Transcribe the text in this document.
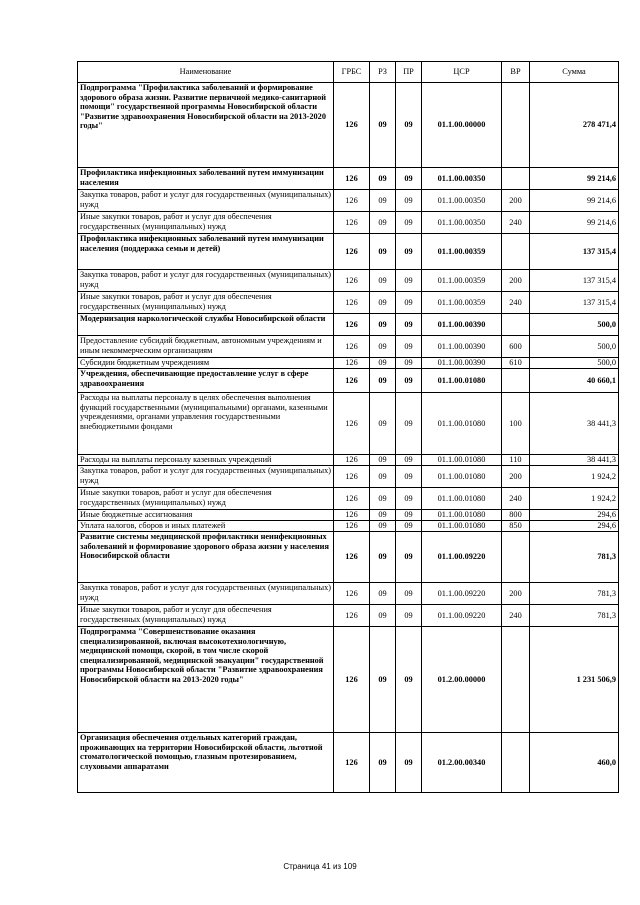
Наименование	ГРБС	РЗ	ПР	ЦСР	ВР	Сумма
Подпрограмма "Профилактика заболеваний и формирование здорового образа жизни. Развитие первичной медико-санитарной помощи" государственной программы Новосибирской области "Развитие здравоохранения Новосибирской области на 2013-2020 годы"	126	09	09	01.1.00.00000		278 471,4
Профилактика инфекционных заболеваний путем иммунизации населения	126	09	09	01.1.00.00350		99 214,6
Закупка товаров, работ и услуг для государственных (муниципальных) нужд	126	09	09	01.1.00.00350	200	99 214,6
Иные закупки товаров, работ и услуг для обеспечения государственных (муниципальных) нужд	126	09	09	01.1.00.00350	240	99 214,6
Профилактика инфекционных заболеваний путем иммунизации населения (поддержка семьи и детей)	126	09	09	01.1.00.00359		137 315,4
Закупка товаров, работ и услуг для государственных (муниципальных) нужд	126	09	09	01.1.00.00359	200	137 315,4
Иные закупки товаров, работ и услуг для обеспечения государственных (муниципальных) нужд	126	09	09	01.1.00.00359	240	137 315,4
Модернизация наркологической службы Новосибирской области	126	09	09	01.1.00.00390		500,0
Предоставление субсидий бюджетным, автономным учреждениям и иным некоммерческим организациям	126	09	09	01.1.00.00390	600	500,0
Субсидии бюджетным учреждениям	126	09	09	01.1.00.00390	610	500,0
Учреждения, обеспечивающие предоставление услуг в сфере здравоохранения	126	09	09	01.1.00.01080		40 660,1
Расходы на выплаты персоналу в целях обеспечения выполнения функций государственными (муниципальными) органами, казенными учреждениями, органами управления государственными внебюджетными фондами	126	09	09	01.1.00.01080	100	38 441,3
Расходы на выплаты персоналу казенных учреждений	126	09	09	01.1.00.01080	110	38 441,3
Закупка товаров, работ и услуг для государственных (муниципальных) нужд	126	09	09	01.1.00.01080	200	1 924,2
Иные закупки товаров, работ и услуг для обеспечения государственных (муниципальных) нужд	126	09	09	01.1.00.01080	240	1 924,2
Иные бюджетные ассигнования	126	09	09	01.1.00.01080	800	294,6
Уплата налогов, сборов и иных платежей	126	09	09	01.1.00.01080	850	294,6
Развитие системы медицинской профилактики неинфекционных заболеваний и формирование здорового образа жизни у населения Новосибирской области	126	09	09	01.1.00.09220		781,3
Закупка товаров, работ и услуг для государственных (муниципальных) нужд	126	09	09	01.1.00.09220	200	781,3
Иные закупки товаров, работ и услуг для обеспечения государственных (муниципальных) нужд	126	09	09	01.1.00.09220	240	781,3
Подпрограмма "Совершенствование оказания специализированной, включая высокотехнологичную, медицинской помощи, скорой, в том числе скорой специализированной, медицинской эвакуации" государственной программы Новосибирской области "Развитие здравоохранения Новосибирской области на 2013-2020 годы"	126	09	09	01.2.00.00000		1 231 506,9
Организация обеспечения отдельных категорий граждан, проживающих на территории Новосибирской области, льготной стоматологической помощью, глазным протезированием, слуховыми аппаратами	126	09	09	01.2.00.00340		460,0
Страница 41 из 109
